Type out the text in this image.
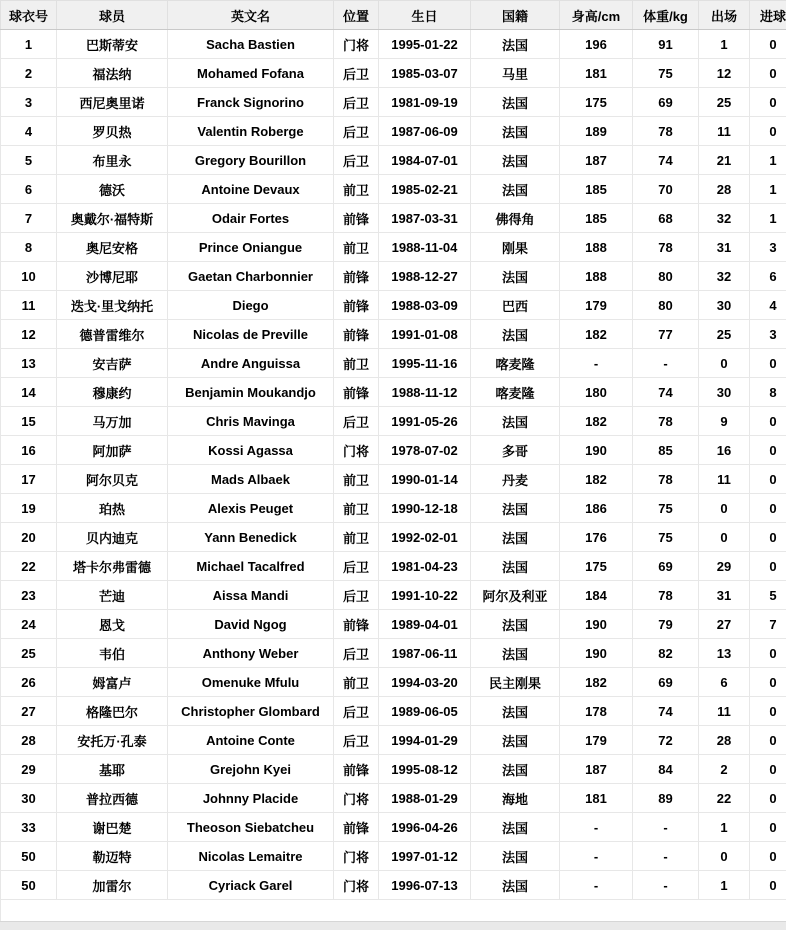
球衣号	球员	英文名	位置	生日	国籍	身高/cm	体重/kg	出场	进球
1	巴斯蒂安	Sacha Bastien	门将	1995-01-22	法国	196	91	1	0
2	福法纳	Mohamed Fofana	后卫	1985-03-07	马里	181	75	12	0
3	西尼奥里诺	Franck Signorino	后卫	1981-09-19	法国	175	69	25	0
4	罗贝热	Valentin Roberge	后卫	1987-06-09	法国	189	78	11	0
5	布里永	Gregory Bourillon	后卫	1984-07-01	法国	187	74	21	1
6	德沃	Antoine Devaux	前卫	1985-02-21	法国	185	70	28	1
7	奥戴尔·福特斯	Odair Fortes	前锋	1987-03-31	佛得角	185	68	32	1
8	奥尼安格	Prince Oniangue	前卫	1988-11-04	刚果	188	78	31	3
10	沙博尼耶	Gaetan Charbonnier	前锋	1988-12-27	法国	188	80	32	6
11	迭戈·里戈纳托	Diego	前锋	1988-03-09	巴西	179	80	30	4
12	德普雷维尔	Nicolas de Preville	前锋	1991-01-08	法国	182	77	25	3
13	安吉萨	Andre Anguissa	前卫	1995-11-16	喀麦隆	-	-	0	0
14	穆康约	Benjamin Moukandjo	前锋	1988-11-12	喀麦隆	180	74	30	8
15	马万加	Chris Mavinga	后卫	1991-05-26	法国	182	78	9	0
16	阿加萨	Kossi Agassa	门将	1978-07-02	多哥	190	85	16	0
17	阿尔贝克	Mads Albaek	前卫	1990-01-14	丹麦	182	78	11	0
19	珀热	Alexis Peuget	前卫	1990-12-18	法国	186	75	0	0
20	贝内迪克	Yann Benedick	前卫	1992-02-01	法国	176	75	0	0
22	塔卡尔弗雷德	Michael Tacalfred	后卫	1981-04-23	法国	175	69	29	0
23	芒迪	Aissa Mandi	后卫	1991-10-22	阿尔及利亚	184	78	31	5
24	恩戈	David Ngog	前锋	1989-04-01	法国	190	79	27	7
25	韦伯	Anthony Weber	后卫	1987-06-11	法国	190	82	13	0
26	姆富卢	Omenuke Mfulu	前卫	1994-03-20	民主刚果	182	69	6	0
27	格隆巴尔	Christopher Glombard	后卫	1989-06-05	法国	178	74	11	0
28	安托万·孔泰	Antoine Conte	后卫	1994-01-29	法国	179	72	28	0
29	基耶	Grejohn Kyei	前锋	1995-08-12	法国	187	84	2	0
30	普拉西德	Johnny Placide	门将	1988-01-29	海地	181	89	22	0
33	谢巴楚	Theoson Siebatcheu	前锋	1996-04-26	法国	-	-	1	0
50	勒迈特	Nicolas Lemaitre	门将	1997-01-12	法国	-	-	0	0
50	加雷尔	Cyriack Garel	门将	1996-07-13	法国	-	-	1	0
